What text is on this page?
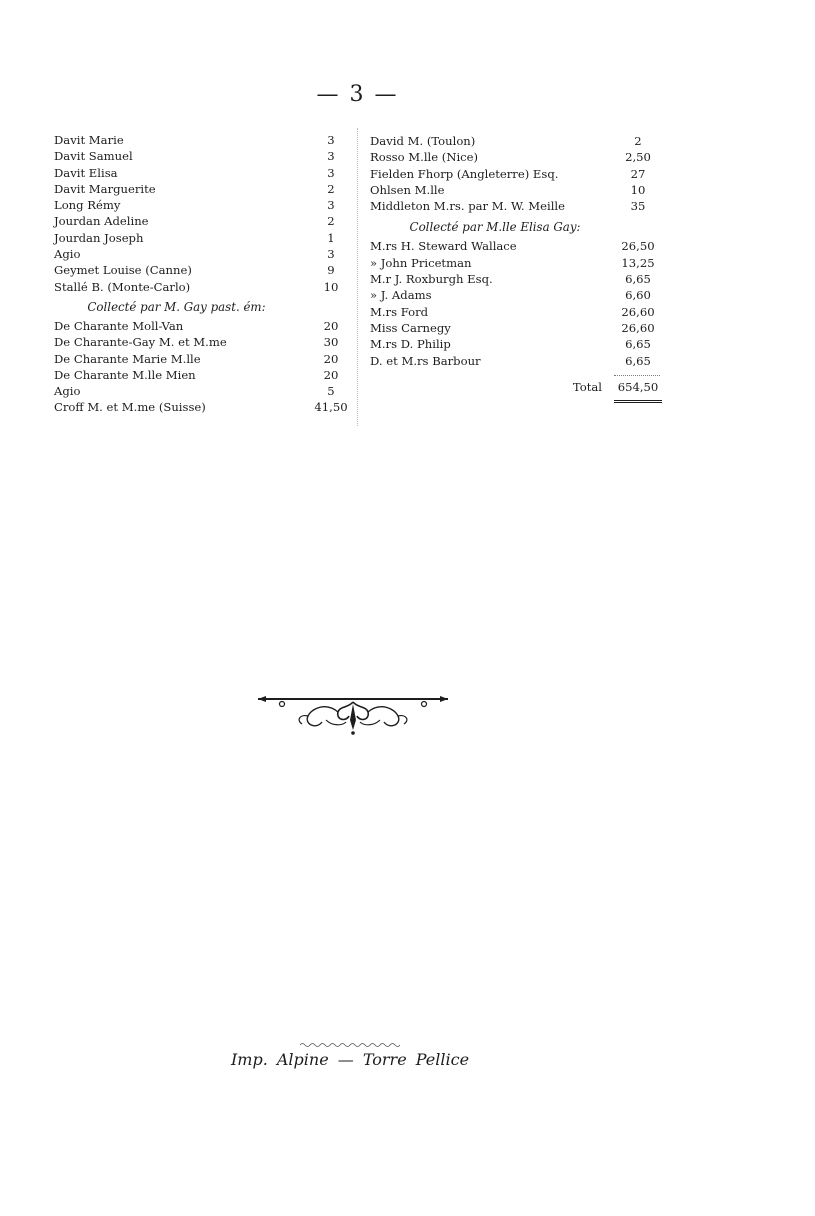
— 3 —
Davit Marie	3
Davit Samuel	3
Davit Elisa	3
Davit Marguerite	2
Long Rémy	3
Jourdan Adeline	2
Jourdan Joseph	1
Agio	3
Geymet Louise (Canne)	9
Stallé B. (Monte-Carlo)	10
Collecté par M. Gay past. ém:
De Charante Moll-Van	20
De Charante-Gay M. et M.me	30
De Charante Marie M.lle	20
De Charante M.lle Mien	20
Agio	5
Croff M. et M.me (Suisse)	41,50
David M. (Toulon)	2
Rosso M.lle (Nice)	2,50
Fielden Fhorp (Angleterre) Esq.	27
Ohlsen M.lle	10
Middleton M.rs. par M. W. Meille	35
Collecté par M.lle Elisa Gay:
M.rs H. Steward Wallace	26,50
» John Pricetman	13,25
M.r J. Roxburgh Esq.	6,65
» J. Adams	6,60
M.rs Ford	26,60
Miss Carnegy	26,60
M.rs D. Philip	6,65
D. et M.rs Barbour	6,65
Total	654,50
Imp. Alpine — Torre Pellice
